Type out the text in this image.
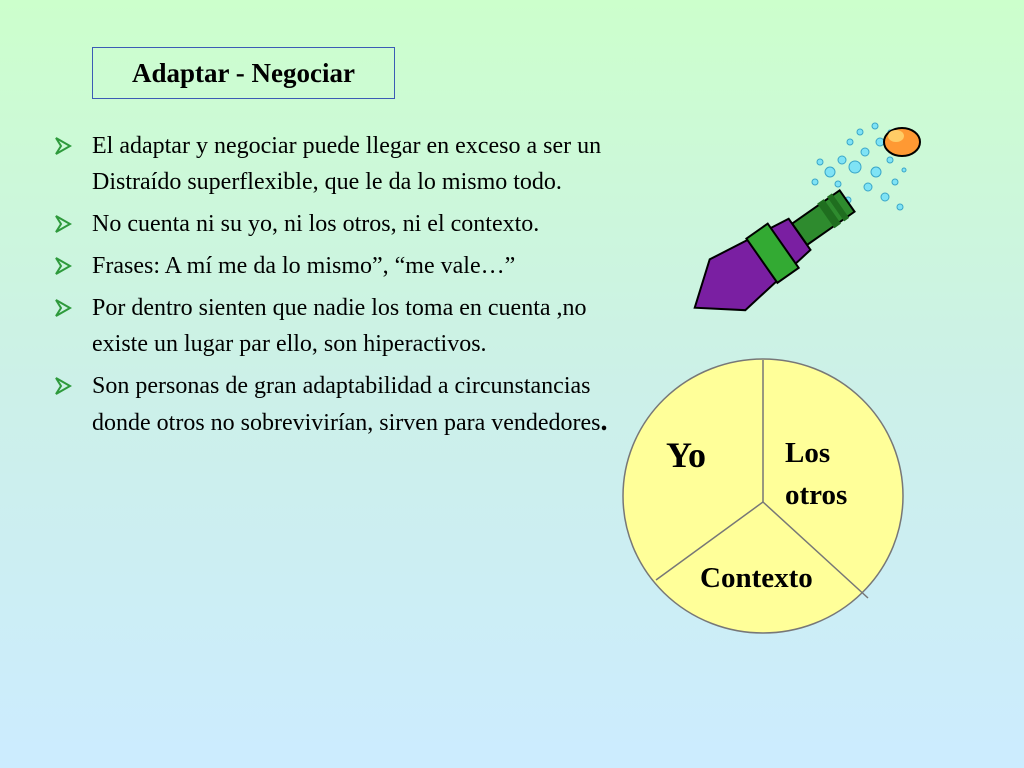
Adaptar - Negociar
El adaptar y negociar puede llegar en exceso a ser un Distraído superflexible, que le da lo mismo todo.
No cuenta ni su yo, ni los otros, ni el contexto.
Frases: A mí me da lo mismo”, “me vale…”
Por dentro sienten que nadie los toma en cuenta ,no existe un lugar par ello, son hiperactivos.
Son personas de gran adaptabilidad a circunstancias donde otros no sobrevivirían, sirven para vendedores.
Yo	Los
otros
Contexto
